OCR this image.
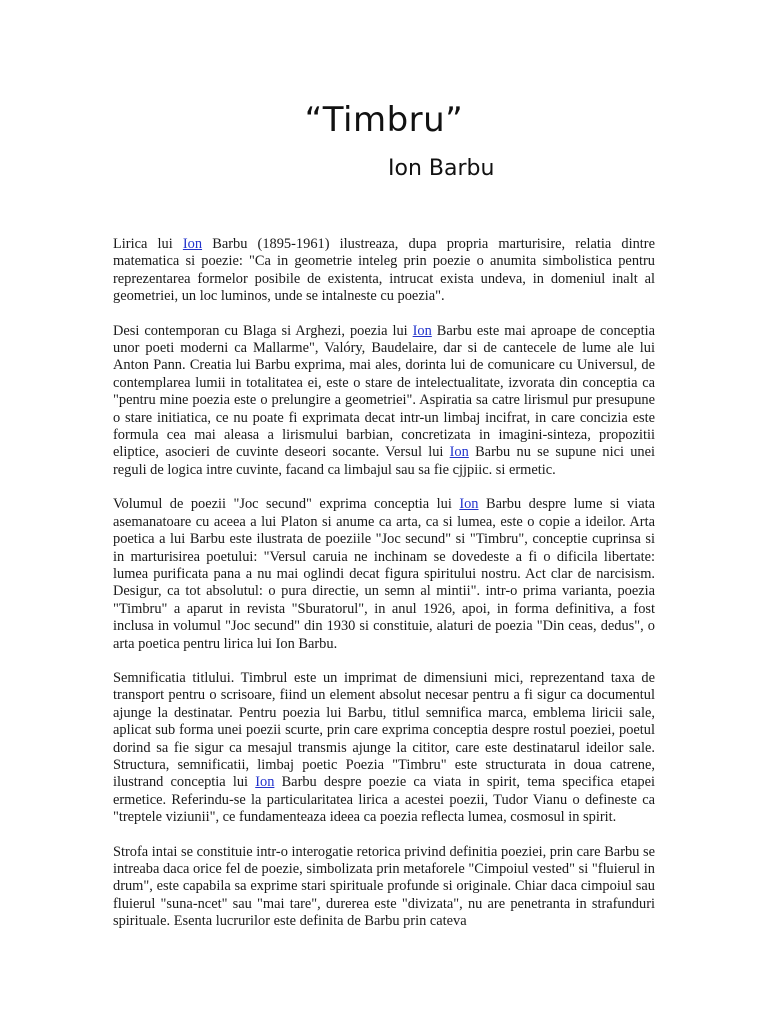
“Timbru”

Ion Barbu

Lirica lui Ion Barbu (1895-1961) ilustreaza, dupa propria marturisire, relatia dintre matematica si poezie: "Ca in geometrie inteleg prin poezie o anumita simbolistica pentru reprezentarea formelor posibile de existenta, intrucat exista undeva, in domeniul inalt al geometriei, un loc luminos, unde se intalneste cu poezia".

Desi contemporan cu Blaga si Arghezi, poezia lui Ion Barbu este mai aproape de conceptia unor poeti moderni ca Mallarme", Valóry, Baudelaire, dar si de cantecele de lume ale lui Anton Pann. Creatia lui Barbu exprima, mai ales, dorinta lui de comunicare cu Universul, de contemplarea lumii in totalitatea ei, este o stare de intelectualitate, izvorata din conceptia ca "pentru mine poezia este o prelungire a geometriei". Aspiratia sa catre lirismul pur presupune o stare initiatica, ce nu poate fi exprimata decat intr-un limbaj incifrat, in care concizia este formula cea mai aleasa a lirismului barbian, concretizata in imagini-sinteza, propozitii eliptice, asocieri de cuvinte deseori socante. Versul lui Ion Barbu nu se supune nici unei reguli de logica intre cuvinte, facand ca limbajul sau sa fie cjjpiic. si ermetic.

Volumul de poezii "Joc secund" exprima conceptia lui Ion Barbu despre lume si viata asemanatoare cu aceea a lui Platon si anume ca arta, ca si lumea, este o copie a ideilor. Arta poetica a lui Barbu este ilustrata de poeziile "Joc secund" si "Timbru", conceptie cuprinsa si in marturisirea poetului: "Versul caruia ne inchinam se dovedeste a fi o dificila libertate: lumea purificata pana a nu mai oglindi decat figura spiritului nostru. Act clar de narcisism. Desigur, ca tot absolutul: o pura directie, un semn al mintii". intr-o prima varianta, poezia "Timbru" a aparut in revista "Sburatorul", in anul 1926, apoi, in forma definitiva, a fost inclusa in volumul "Joc secund" din 1930 si constituie, alaturi de poezia "Din ceas, dedus", o arta poetica pentru lirica lui Ion Barbu.

Semnificatia titlului. Timbrul este un imprimat de dimensiuni mici, reprezentand taxa de transport pentru o scrisoare, fiind un element absolut necesar pentru a fi sigur ca documentul ajunge la destinatar. Pentru poezia lui Barbu, titlul semnifica marca, emblema liricii sale, aplicat sub forma unei poezii scurte, prin care exprima conceptia despre rostul poeziei, poetul dorind sa fie sigur ca mesajul transmis ajunge la cititor, care este destinatarul ideilor sale. Structura, semnificatii, limbaj poetic Poezia "Timbru" este structurata in doua catrene, ilustrand conceptia lui Ion Barbu despre poezie ca viata in spirit, tema specifica etapei ermetice. Referindu-se la particularitatea lirica a acestei poezii, Tudor Vianu o defineste ca "treptele viziunii", ce fundamenteaza ideea ca poezia reflecta lumea, cosmosul in spirit.

Strofa intai se constituie intr-o interogatie retorica privind definitia poeziei, prin care Barbu se intreaba daca orice fel de poezie, simbolizata prin metaforele "Cimpoiul vested" si "fluierul in drum", este capabila sa exprime stari spirituale profunde si originale. Chiar daca cimpoiul sau fluierul "suna-ncet" sau "mai tare", durerea este "divizata", nu are penetranta in strafunduri spirituale. Esenta lucrurilor este definita de Barbu prin cateva
